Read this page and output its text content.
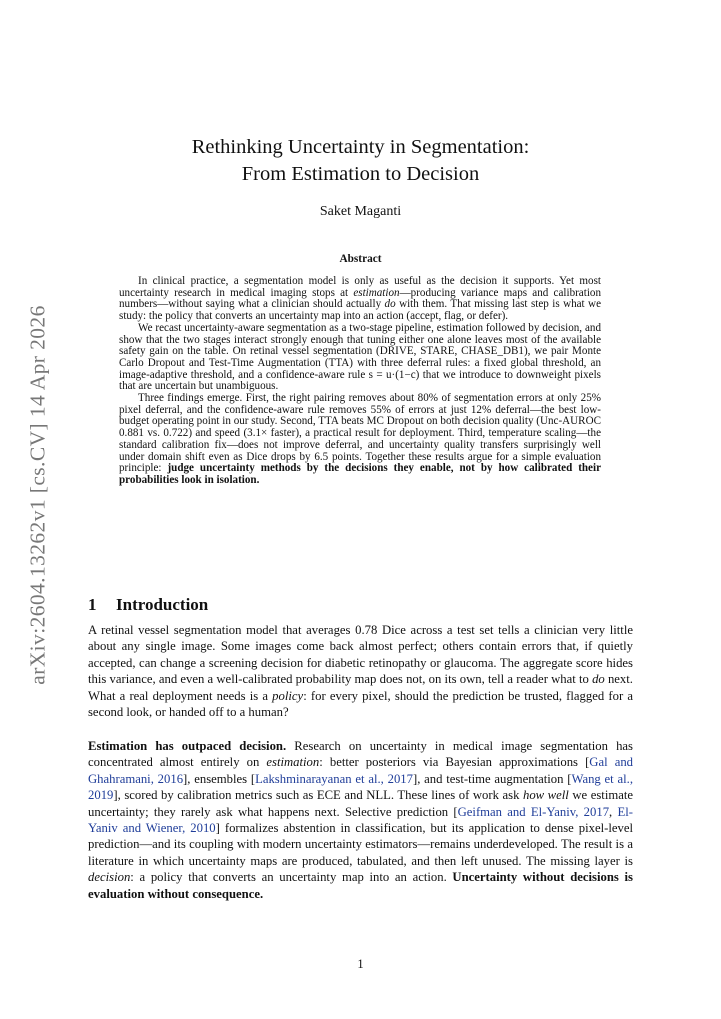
arXiv:2604.13262v1 [cs.CV] 14 Apr 2026
Rethinking Uncertainty in Segmentation:
From Estimation to Decision
Saket Maganti
Abstract

In clinical practice, a segmentation model is only as useful as the decision it supports. Yet most uncertainty research in medical imaging stops at estimation—producing variance maps and calibration numbers—without saying what a clinician should actually do with them. That missing last step is what we study: the policy that converts an uncertainty map into an action (accept, flag, or defer).

We recast uncertainty-aware segmentation as a two-stage pipeline, estimation followed by decision, and show that the two stages interact strongly enough that tuning either one alone leaves most of the available safety gain on the table. On retinal vessel segmentation (DRIVE, STARE, CHASE_DB1), we pair Monte Carlo Dropout and Test-Time Augmentation (TTA) with three deferral rules: a fixed global threshold, an image-adaptive threshold, and a confidence-aware rule s = u·(1−c) that we introduce to downweight pixels that are uncertain but unambiguous.

Three findings emerge. First, the right pairing removes about 80% of segmentation errors at only 25% pixel deferral, and the confidence-aware rule removes 55% of errors at just 12% deferral—the best low-budget operating point in our study. Second, TTA beats MC Dropout on both decision quality (Unc-AUROC 0.881 vs. 0.722) and speed (3.1× faster), a practical result for deployment. Third, temperature scaling—the standard calibration fix—does not improve deferral, and uncertainty quality transfers surprisingly well under domain shift even as Dice drops by 6.5 points. Together these results argue for a simple evaluation principle: judge uncertainty methods by the decisions they enable, not by how calibrated their probabilities look in isolation.

1 Introduction

A retinal vessel segmentation model that averages 0.78 Dice across a test set tells a clinician very little about any single image. Some images come back almost perfect; others contain errors that, if quietly accepted, can change a screening decision for diabetic retinopathy or glaucoma. The aggregate score hides this variance, and even a well-calibrated probability map does not, on its own, tell a reader what to do next. What a real deployment needs is a policy: for every pixel, should the prediction be trusted, flagged for a second look, or handed off to a human?

Estimation has outpaced decision. Research on uncertainty in medical image segmentation has concentrated almost entirely on estimation: better posteriors via Bayesian approximations [Gal and Ghahramani, 2016], ensembles [Lakshminarayanan et al., 2017], and test-time augmentation [Wang et al., 2019], scored by calibration metrics such as ECE and NLL. These lines of work ask how well we estimate uncertainty; they rarely ask what happens next. Selective prediction [Geifman and El-Yaniv, 2017, El-Yaniv and Wiener, 2010] formalizes abstention in classification, but its application to dense pixel-level prediction—and its coupling with modern uncertainty estimators—remains underdeveloped. The result is a literature in which uncertainty maps are produced, tabulated, and then left unused. The missing layer is decision: a policy that converts an uncertainty map into an action. Uncertainty without decisions is evaluation without consequence.

1
